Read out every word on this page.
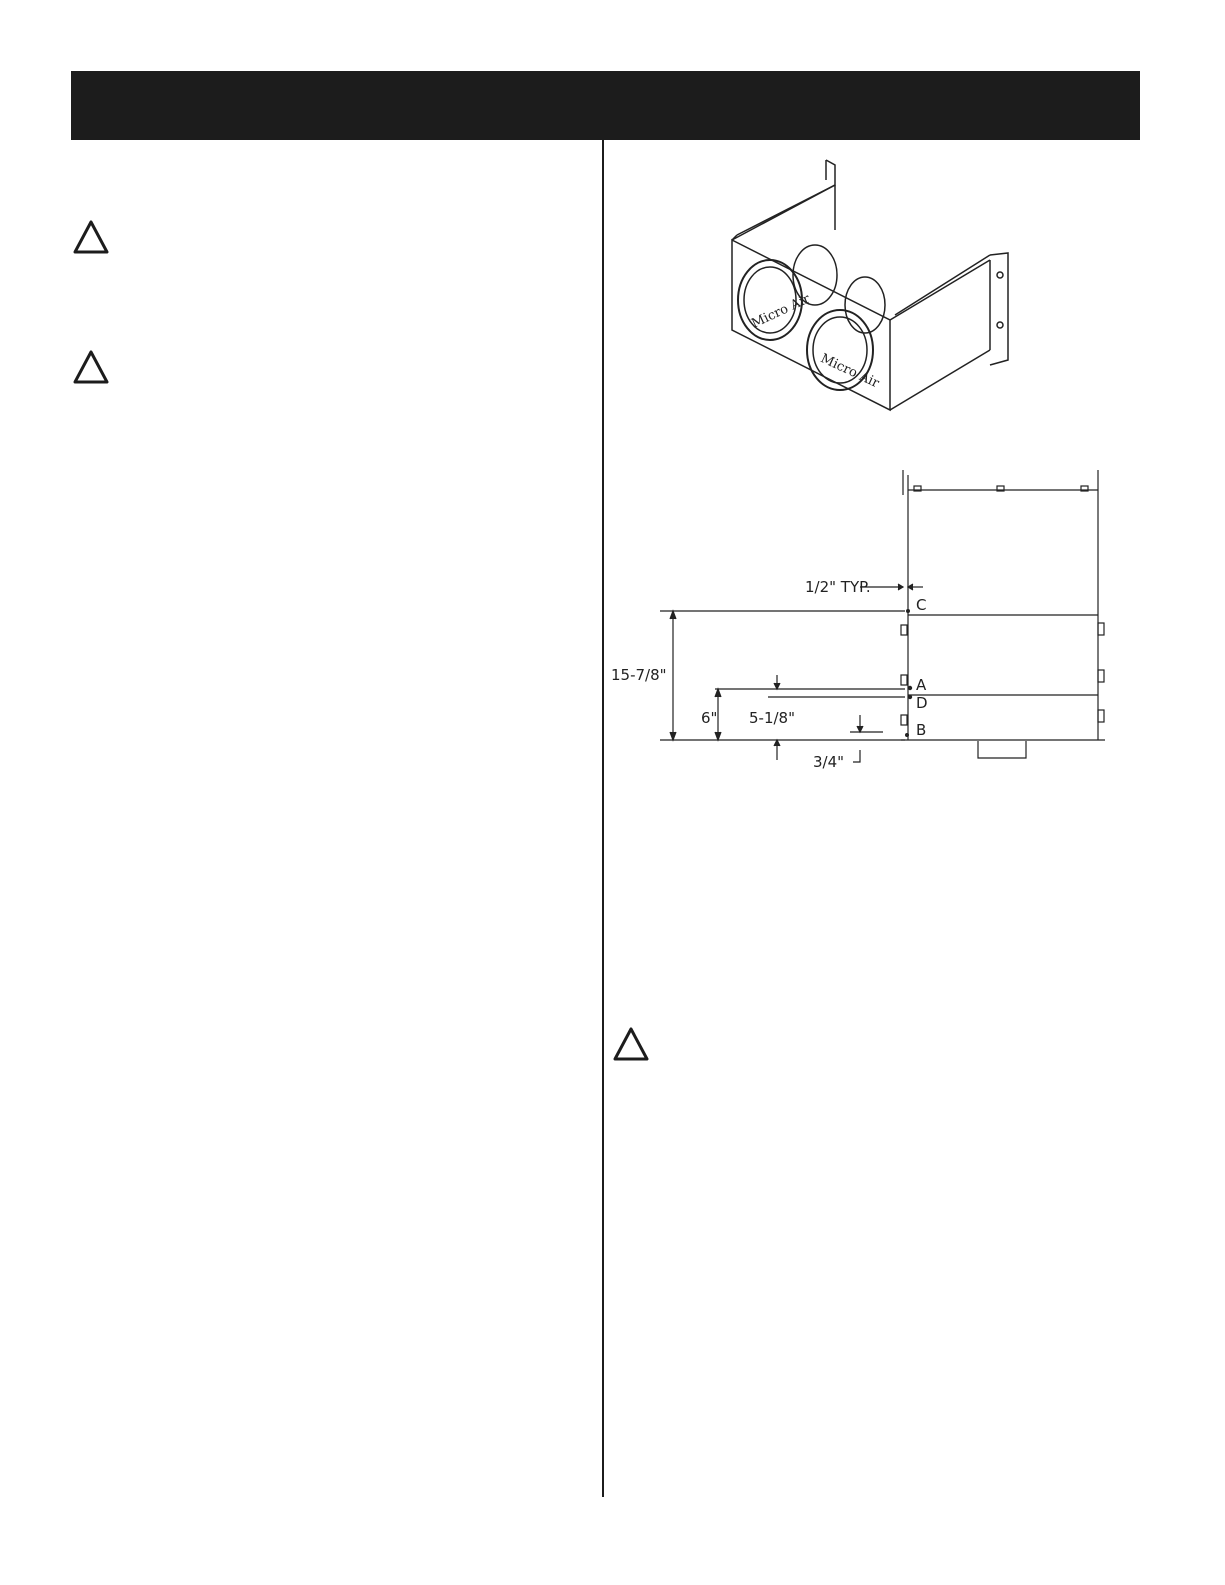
Micro Air
Micro Air
1/2" TYP.
C
A
D
B
15-7/8"
6" 5-1/8"
3/4"
